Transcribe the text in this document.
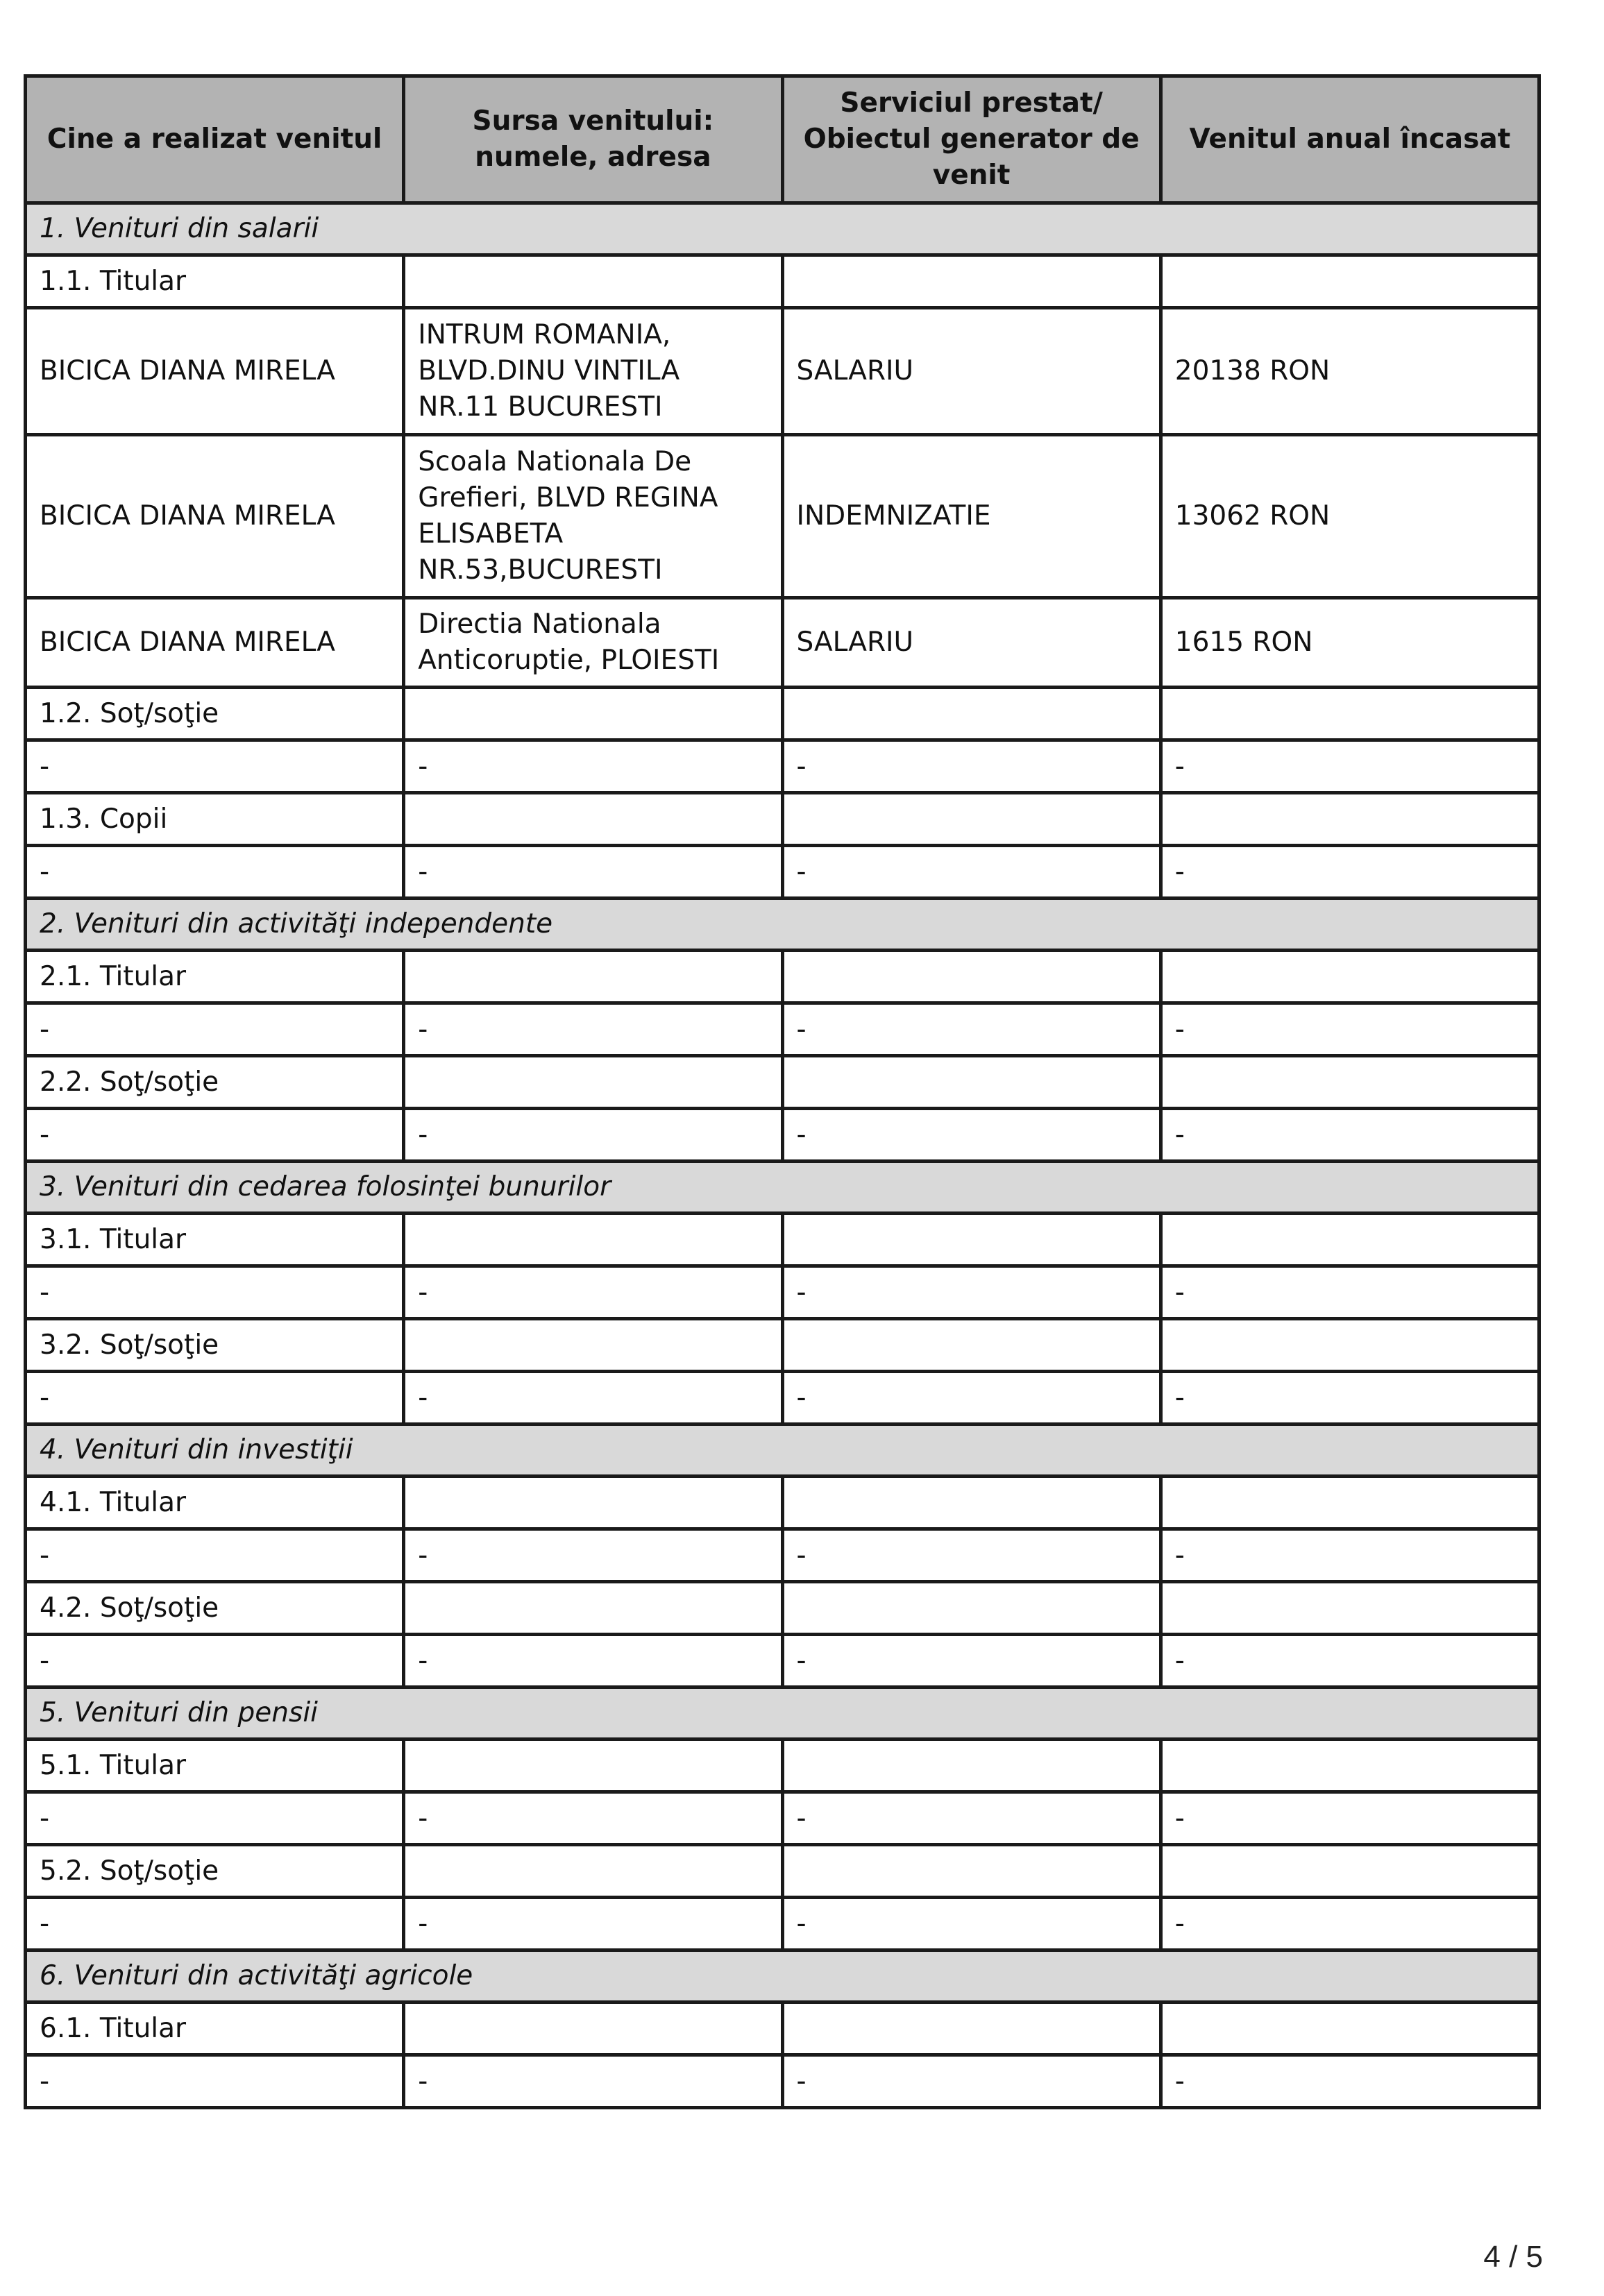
Cine a realizat venitul	Sursa venitului: numele, adresa	Serviciul prestat/ Obiectul generator de venit	Venitul anual încasat
1. Venituri din salarii			
1.1. Titular			
BICICA DIANA MIRELA	INTRUM ROMANIA, BLVD.DINU VINTILA NR.11 BUCURESTI	SALARIU	20138 RON
BICICA DIANA MIRELA	Scoala Nationala De Grefieri, BLVD REGINA ELISABETA NR.53,BUCURESTI	INDEMNIZATIE	13062 RON
BICICA DIANA MIRELA	Directia Nationala Anticoruptie, PLOIESTI	SALARIU	1615 RON
1.2. Soţ/soţie			
-	-	-	-
1.3. Copii			
-	-	-	-
2. Venituri din activităţi independente			
2.1. Titular			
-	-	-	-
2.2. Soţ/soţie			
-	-	-	-
3. Venituri din cedarea folosinţei bunurilor			
3.1. Titular			
-	-	-	-
3.2. Soţ/soţie			
-	-	-	-
4. Venituri din investiţii			
4.1. Titular			
-	-	-	-
4.2. Soţ/soţie			
-	-	-	-
5. Venituri din pensii			
5.1. Titular			
-	-	-	-
5.2. Soţ/soţie			
-	-	-	-
6. Venituri din activităţi agricole			
6.1. Titular			
-	-	-	-
4 / 5
